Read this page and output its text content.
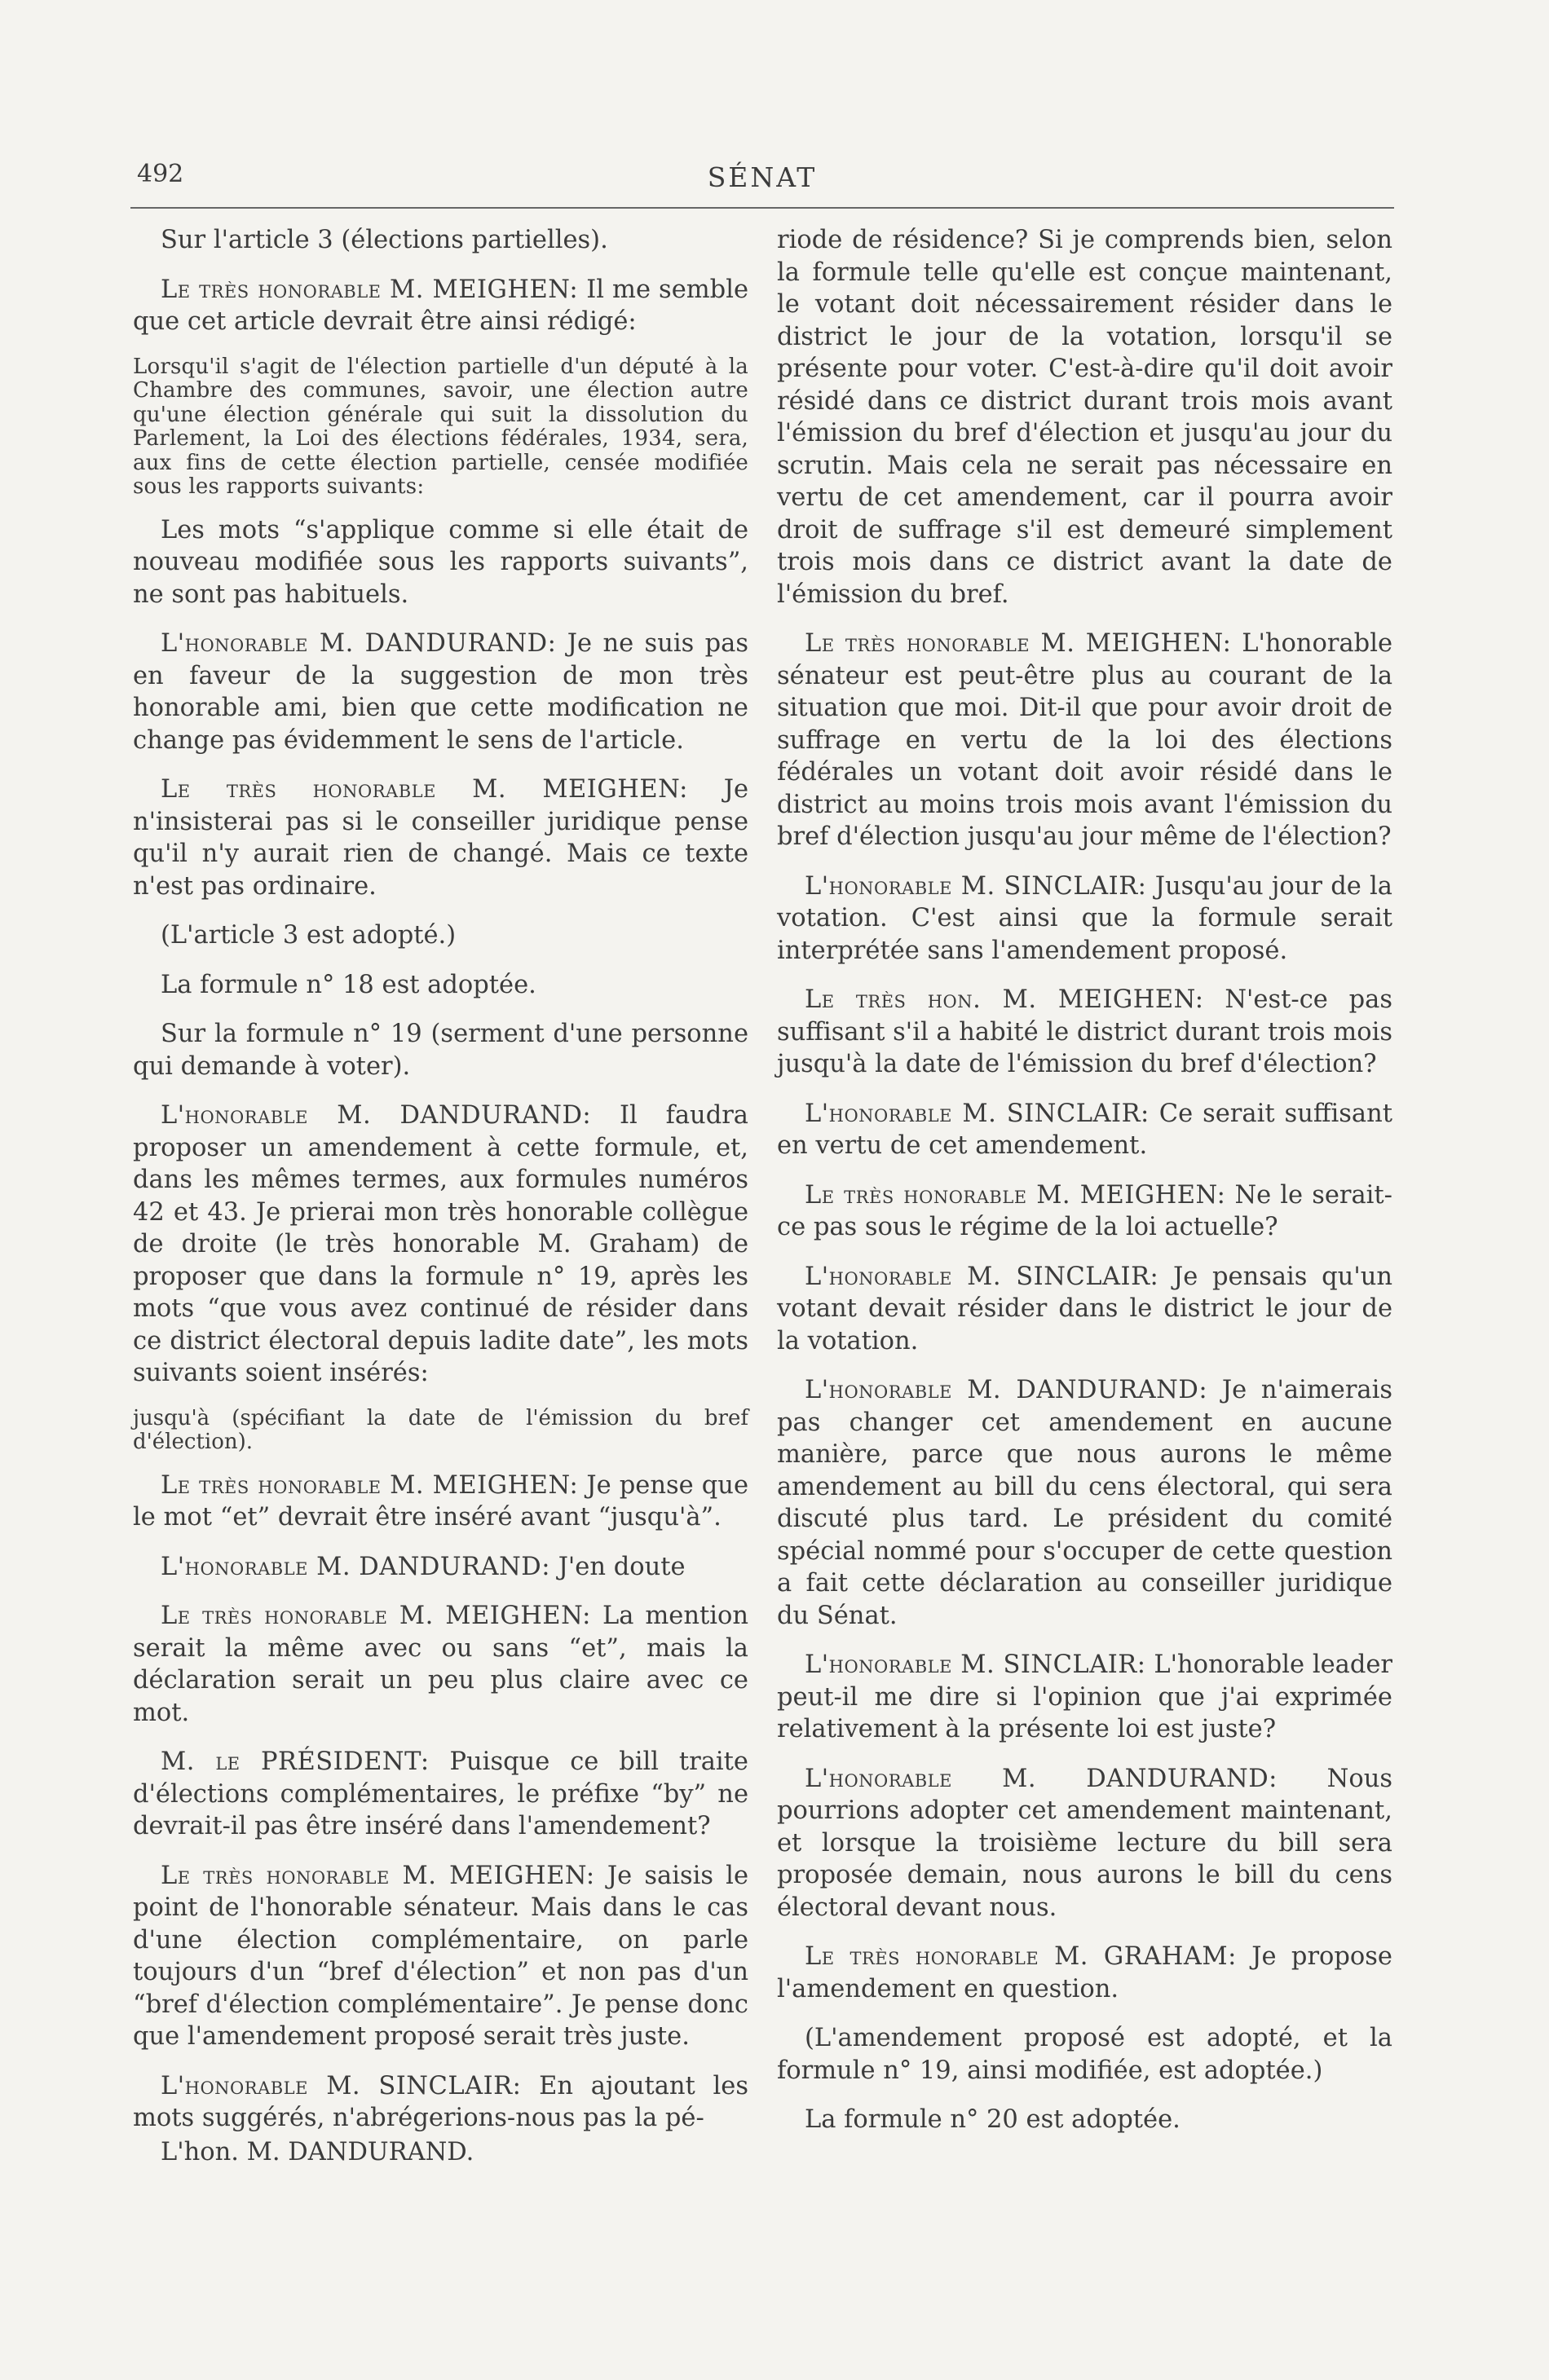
492	SÉNAT

Sur l'article 3 (élections partielles).

Le très honorable M. MEIGHEN: Il me semble que cet article devrait être ainsi rédigé:

Lorsqu'il s'agit de l'élection partielle d'un député à la Chambre des communes, savoir, une élection autre qu'une élection générale qui suit la dissolution du Parlement, la Loi des élections fédérales, 1934, sera, aux fins de cette élection partielle, censée modifiée sous les rapports suivants:

Les mots “s'applique comme si elle était de nouveau modifiée sous les rapports suivants”, ne sont pas habituels.

L'honorable M. DANDURAND: Je ne suis pas en faveur de la suggestion de mon très honorable ami, bien que cette modification ne change pas évidemment le sens de l'article.

Le très honorable M. MEIGHEN: Je n'insisterai pas si le conseiller juridique pense qu'il n'y aurait rien de changé. Mais ce texte n'est pas ordinaire.

(L'article 3 est adopté.)

La formule n° 18 est adoptée.

Sur la formule n° 19 (serment d'une personne qui demande à voter).

L'honorable M. DANDURAND: Il faudra proposer un amendement à cette formule, et, dans les mêmes termes, aux formules numéros 42 et 43. Je prierai mon très honorable collègue de droite (le très honorable M. Graham) de proposer que dans la formule n° 19, après les mots “que vous avez continué de résider dans ce district électoral depuis ladite date”, les mots suivants soient insérés:

jusqu'à (spécifiant la date de l'émission du bref d'élection).

Le très honorable M. MEIGHEN: Je pense que le mot “et” devrait être inséré avant “jusqu'à”.

L'honorable M. DANDURAND: J'en doute

Le très honorable M. MEIGHEN: La mention serait la même avec ou sans “et”, mais la déclaration serait un peu plus claire avec ce mot.

M. le PRÉSIDENT: Puisque ce bill traite d'élections complémentaires, le préfixe “by” ne devrait-il pas être inséré dans l'amendement?

Le très honorable M. MEIGHEN: Je saisis le point de l'honorable sénateur. Mais dans le cas d'une élection complémentaire, on parle toujours d'un “bref d'élection” et non pas d'un “bref d'élection complémentaire”. Je pense donc que l'amendement proposé serait très juste.

L'honorable M. SINCLAIR: En ajoutant les mots suggérés, n'abrégerions-nous pas la pé-

L'hon. M. DANDURAND.

riode de résidence? Si je comprends bien, selon la formule telle qu'elle est conçue maintenant, le votant doit nécessairement résider dans le district le jour de la votation, lorsqu'il se présente pour voter. C'est-à-dire qu'il doit avoir résidé dans ce district durant trois mois avant l'émission du bref d'élection et jusqu'au jour du scrutin. Mais cela ne serait pas nécessaire en vertu de cet amendement, car il pourra avoir droit de suffrage s'il est demeuré simplement trois mois dans ce district avant la date de l'émission du bref.

Le très honorable M. MEIGHEN: L'honorable sénateur est peut-être plus au courant de la situation que moi. Dit-il que pour avoir droit de suffrage en vertu de la loi des élections fédérales un votant doit avoir résidé dans le district au moins trois mois avant l'émission du bref d'élection jusqu'au jour même de l'élection?

L'honorable M. SINCLAIR: Jusqu'au jour de la votation. C'est ainsi que la formule serait interprétée sans l'amendement proposé.

Le très hon. M. MEIGHEN: N'est-ce pas suffisant s'il a habité le district durant trois mois jusqu'à la date de l'émission du bref d'élection?

L'honorable M. SINCLAIR: Ce serait suffisant en vertu de cet amendement.

Le très honorable M. MEIGHEN: Ne le serait-ce pas sous le régime de la loi actuelle?

L'honorable M. SINCLAIR: Je pensais qu'un votant devait résider dans le district le jour de la votation.

L'honorable M. DANDURAND: Je n'aimerais pas changer cet amendement en aucune manière, parce que nous aurons le même amendement au bill du cens électoral, qui sera discuté plus tard. Le président du comité spécial nommé pour s'occuper de cette question a fait cette déclaration au conseiller juridique du Sénat.

L'honorable M. SINCLAIR: L'honorable leader peut-il me dire si l'opinion que j'ai exprimée relativement à la présente loi est juste?

L'honorable M. DANDURAND: Nous pourrions adopter cet amendement maintenant, et lorsque la troisième lecture du bill sera proposée demain, nous aurons le bill du cens électoral devant nous.

Le très honorable M. GRAHAM: Je propose l'amendement en question.

(L'amendement proposé est adopté, et la formule n° 19, ainsi modifiée, est adoptée.)

La formule n° 20 est adoptée.
